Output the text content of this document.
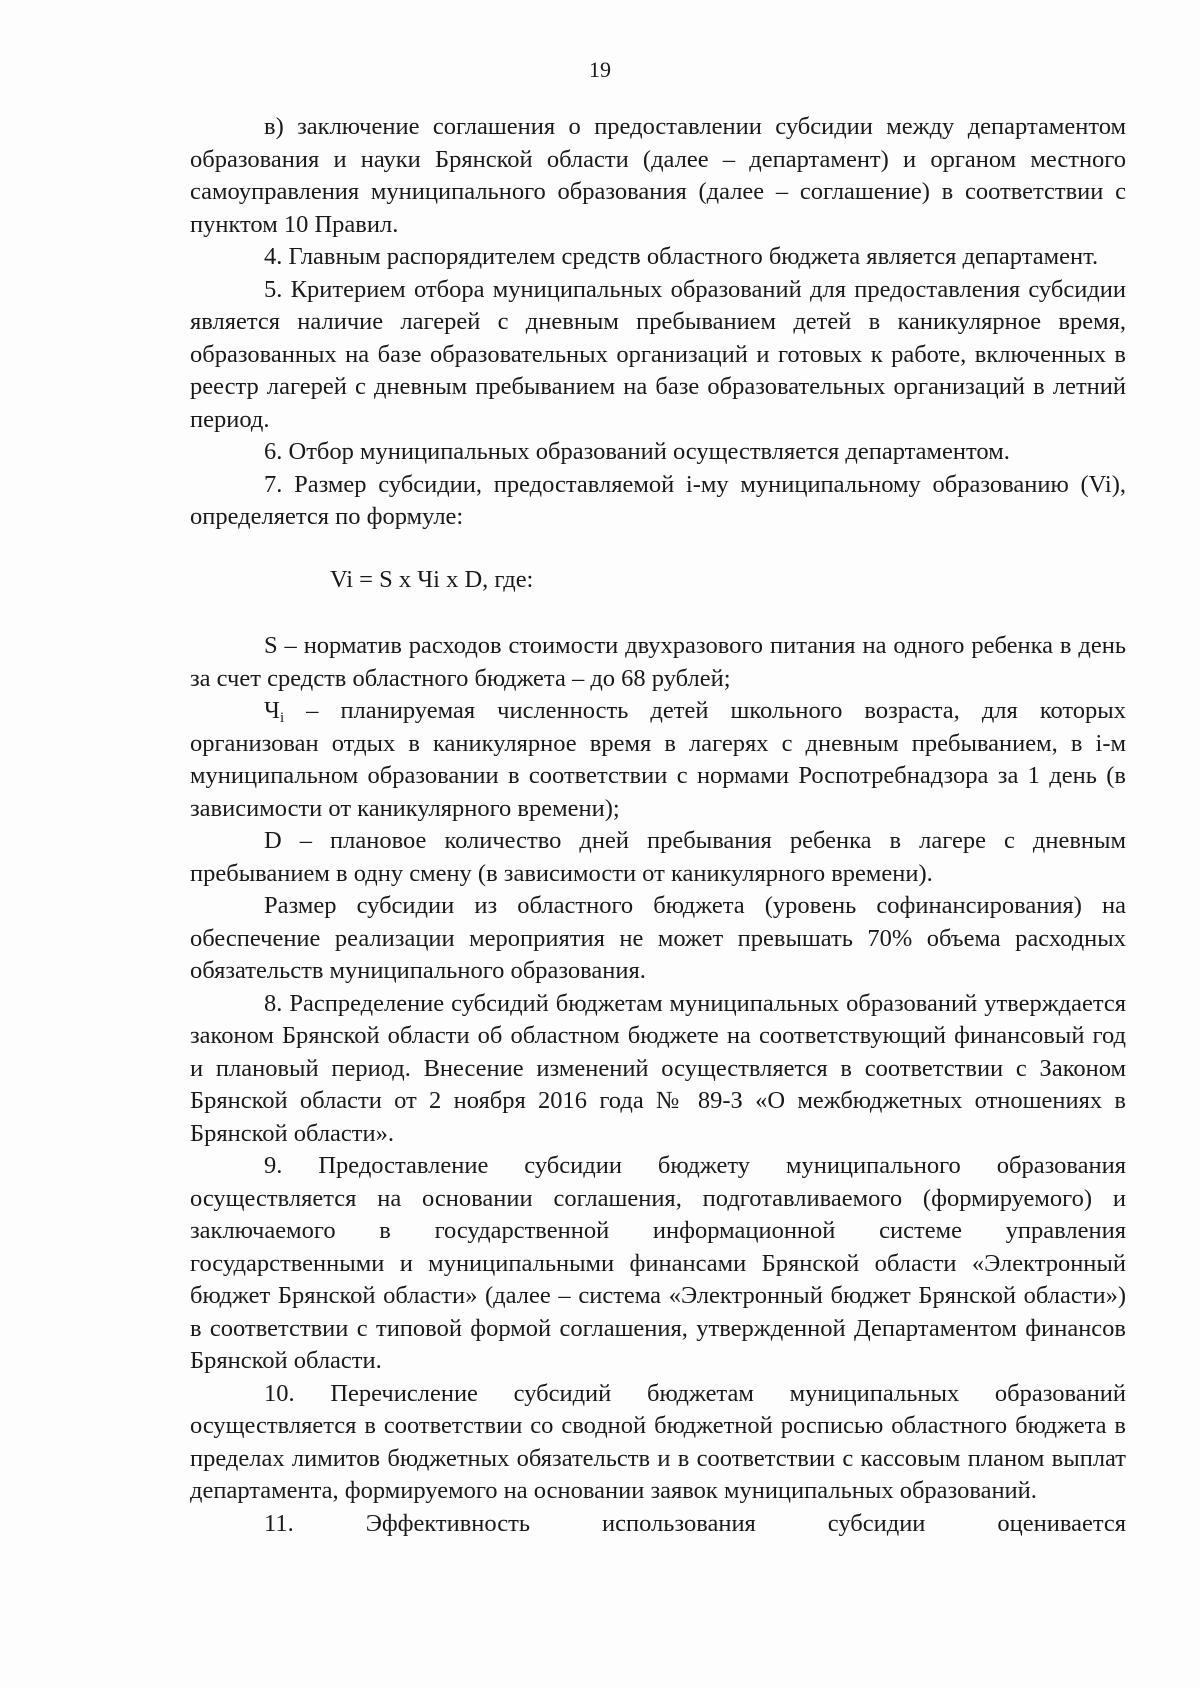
19

в) заключение соглашения о предоставлении субсидии между департаментом образования и науки Брянской области (далее – департамент) и органом местного самоуправления муниципального образования (далее – соглашение) в соответствии с пунктом 10 Правил.

4. Главным распорядителем средств областного бюджета является департамент.

5. Критерием отбора муниципальных образований для предоставления субсидии является наличие лагерей с дневным пребыванием детей в каникулярное время, образованных на базе образовательных организаций и готовых к работе, включенных в реестр лагерей с дневным пребыванием на базе образовательных организаций в летний период.

6. Отбор муниципальных образований осуществляется департаментом.

7. Размер субсидии, предоставляемой i-му муниципальному образованию (Vi), определяется по формуле:

Vi = S x Чi x D, где:

S – норматив расходов стоимости двухразового питания на одного ребенка в день за счет средств областного бюджета – до 68 рублей;

$Ч_i$ – планируемая численность детей школьного возраста, для которых организован отдых в каникулярное время в лагерях с дневным пребыванием, в i-м муниципальном образовании в соответствии с нормами Роспотребнадзора за 1 день (в зависимости от каникулярного времени);

D – плановое количество дней пребывания ребенка в лагере с дневным пребыванием в одну смену (в зависимости от каникулярного времени).

Размер субсидии из областного бюджета (уровень софинансирования) на обеспечение реализации мероприятия не может превышать 70% объема расходных обязательств муниципального образования.

8. Распределение субсидий бюджетам муниципальных образований утверждается законом Брянской области об областном бюджете на соответствующий финансовый год и плановый период. Внесение изменений осуществляется в соответствии с Законом Брянской области от 2 ноября 2016 года № 89-З «О межбюджетных отношениях в Брянской области».

9. Предоставление субсидии бюджету муниципального образования осуществляется на основании соглашения, подготавливаемого (формируемого) и заключаемого в государственной информационной системе управления государственными и муниципальными финансами Брянской области «Электронный бюджет Брянской области» (далее – система «Электронный бюджет Брянской области») в соответствии с типовой формой соглашения, утвержденной Департаментом финансов Брянской области.

10. Перечисление субсидий бюджетам муниципальных образований осуществляется в соответствии со сводной бюджетной росписью областного бюджета в пределах лимитов бюджетных обязательств и в соответствии с кассовым планом выплат департамента, формируемого на основании заявок муниципальных образований.

11. Эффективность использования субсидии оценивается
